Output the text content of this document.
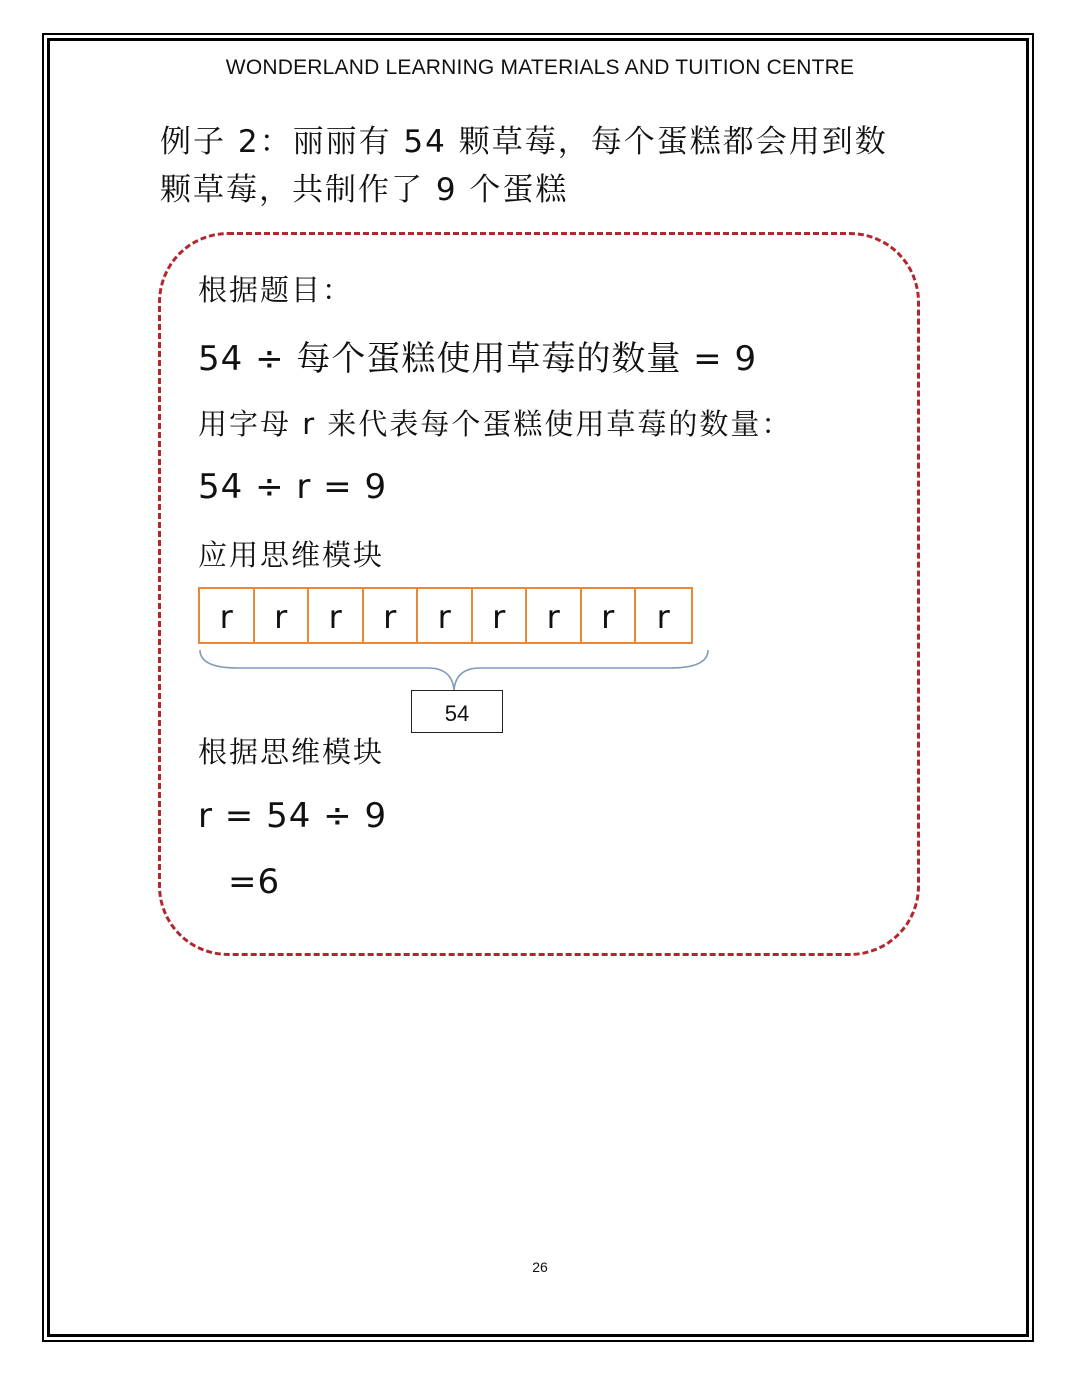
WONDERLAND LEARNING MATERIALS AND TUITION CENTRE
例子 2：丽丽有 54 颗草莓，每个蛋糕都会用到数
颗草莓，共制作了 9 个蛋糕
根据题目：
54 ÷ 每个蛋糕使用草莓的数量 = 9
用字母 r 来代表每个蛋糕使用草莓的数量：
54 ÷ r = 9
应用思维模块
r	r	r	r	r	r	r	r	r
54
根据思维模块
r = 54 ÷ 9
=6
26
